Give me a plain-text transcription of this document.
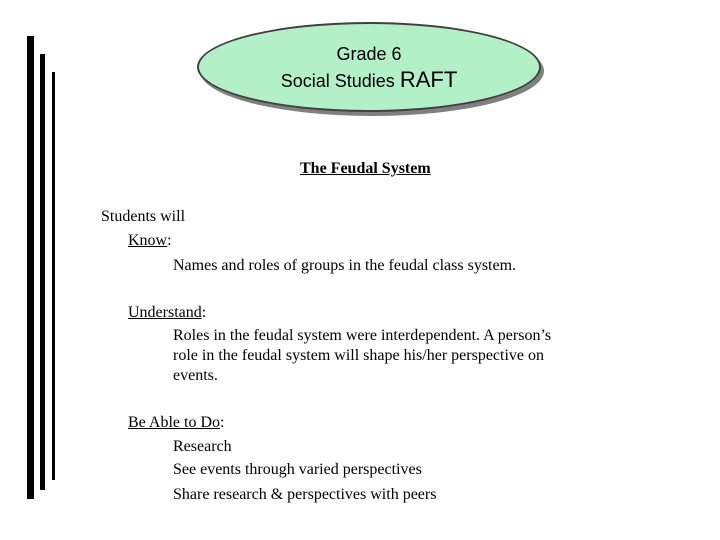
Grade 6
Social Studies RAFT
The Feudal System
Students will
Know:
Names and roles of groups in the feudal class system.
Understand:
Roles in the feudal system were interdependent. A person’s
role in the feudal system will shape his/her perspective on
events.
Be Able to Do:
Research
See events through varied perspectives
Share research & perspectives with peers
